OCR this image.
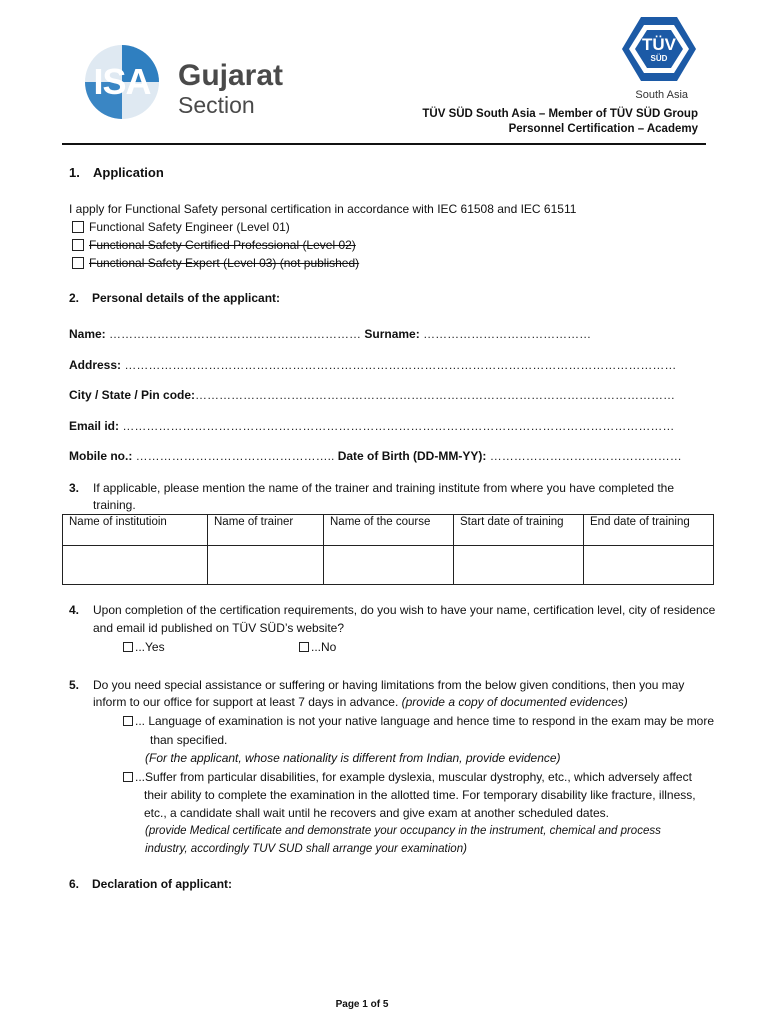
ISA Gujarat
Section
TÜV
SÜD
South Asia
TÜV SÜD South Asia – Member of TÜV SÜD Group
Personnel Certification – Academy
1. Application
I apply for Functional Safety personal certification in accordance with IEC 61508 and IEC 61511
Functional Safety Engineer (Level 01)
Functional Safety Certified Professional (Level 02)
Functional Safety Expert (Level 03) (not published)
2. Personal details of the applicant:
Name: ……………………………………………………… Surname: ……………………………………
Address: …………………………………………………………………………………………………………………………
City / State / Pin code:…………………………………………………………………………………………………………
Email id: …………………………………………………………………………………………………………………………
Mobile no.: ………………………………………….. Date of Birth (DD-MM-YY): …………………………………………
3. If applicable, please mention the name of the trainer and training institute from where you have completed the
training.
Name of institutioin	Name of trainer	Name of the course	Start date of training	End date of training

4. Upon completion of the certification requirements, do you wish to have your name, certification level, city of residence
and email id published on TÜV SÜD’s website?
...Yes	...No
5. Do you need special assistance or suffering or having limitations from the below given conditions, then you may
inform to our office for support at least 7 days in advance. (provide a copy of documented evidences)
... Language of examination is not your native language and hence time to respond in the exam may be more
than specified.
(For the applicant, whose nationality is different from Indian, provide evidence)
...Suffer from particular disabilities, for example dyslexia, muscular dystrophy, etc., which adversely affect
their ability to complete the examination in the allotted time. For temporary disability like fracture, illness,
etc., a candidate shall wait until he recovers and give exam at another scheduled dates.
(provide Medical certificate and demonstrate your occupancy in the instrument, chemical and process
industry, accordingly TUV SUD shall arrange your examination)
6. Declaration of applicant:
Page 1 of 5
